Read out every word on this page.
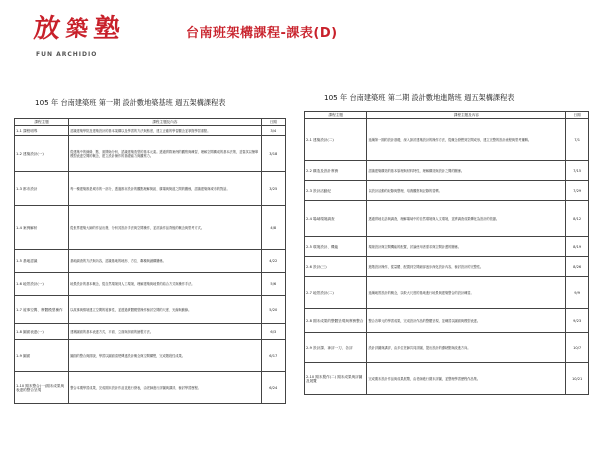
放 築 塾
FUN ARCHIDIO
台南班架構課程-課表(D)
105 年 台南建築班 第一期 設計數地築基班 週五架構課程表
課程主題	課程主題及內容	日期
1-1 課程明導	認識建築學院及建築設計的基本架構以及學習的方法與態度，建立正確的學習觀念並掌握學習重點。	3/4
1-2 建築設計(一)	從建築中的線條、點、面開始分析，認識建築造型的基本元素。透過實際案例的觀察與練習，理解空間構成的基本法則，並嘗試以簡單模型表達空間的概念，建立設計操作的基礎能力與觀察力。	3/18
1-3 都市設計	每一棟建築都是城市的一部分，透過都市設計的觀點理解街區、廣場與街道之間的關係，認識建築與城市的對話。	3/25
1-4 案例解析	從世界建築大師的作品出發，分析其設計手法與空間操作，並討論作品背後的概念與思考方式。	4/8
1-5 基地認識	基地調查的方法與內容，認識基地的地形、方位、鄰棟與涵構關係。	4/22
1-6 地景設計(一)	地景設計的基本概念，從自然環境到人工環境，理解建築與地景的結合方式與操作手法。	5/6
1-7 敘事空間、實體模型操作	以故事與情境建立空間的敘事性，並透過實體模型操作檢討空間的尺度、光線與動線。	5/20
1-8 圖面表達(一)	建築圖面的基本表達方式，平面、立面與剖面的繪製方法。	6/3
1-9 圖面	圖面的整合與排版，學習以圖面清楚傳達設計概念與空間構想，完成階段性成果。	6/17
1-10 期末整合(一)期末成果與表達的整合呈現	整合本期學習成果，完成期末設計作品並進行發表，由老師進行評圖與講評，檢討學習歷程。	6/24
105 年 台南建築班 第二期 設計數地進階班 週五架構課程表
課程主題	課程主題及內容	日期
2-1 建築設計(二)	延續第一期的設計基礎，深入探討建築設計的操作方法，從概念發想到空間成形，建立完整的設計流程與思考邏輯。	7/1
2-2 構造及設計實務	認識建築構造的基本原理與材料特性，理解構造與設計之間的關係。	7/15
2-3 設計活動紀	以設計活動的紀錄與整理，培養觀察與記錄的習慣。	7/29
2-4 場域環境調查	透過實地走訪與調查，理解場域中的自然環境與人文環境，並將調查成果轉化為設計的依據。	8/12
2-5 環境設計、機能	環境設計與空間機能的配置，討論使用者需求與空間計畫的關係。	8/19
2-6 設計(三)	進階設計操作，從量體、配置到空間細部逐步深化設計內容，檢討設計的完整性。	8/26
2-7 地景設計(二)	延續地景設計的概念，以較大尺度的基地進行地景與建築整合的設計練習。	9/9
2-8 期末成果的整體呈現與實務整合	整合各單元的學習成果，完成設計作品的整體呈現，並練習以圖面與模型表達。	9/23
2-9 設計課、神評一刀、各評	設計評圖與講評，由多位老師共同評圖，提出設計的優缺點與改進方向。	10/7
2-10 期末製作(二) 期末成果與評圖及展覽	完成期末設計作品與成果展覽，由老師進行期末評圖，並整理學習歷程作品集。	10/21
